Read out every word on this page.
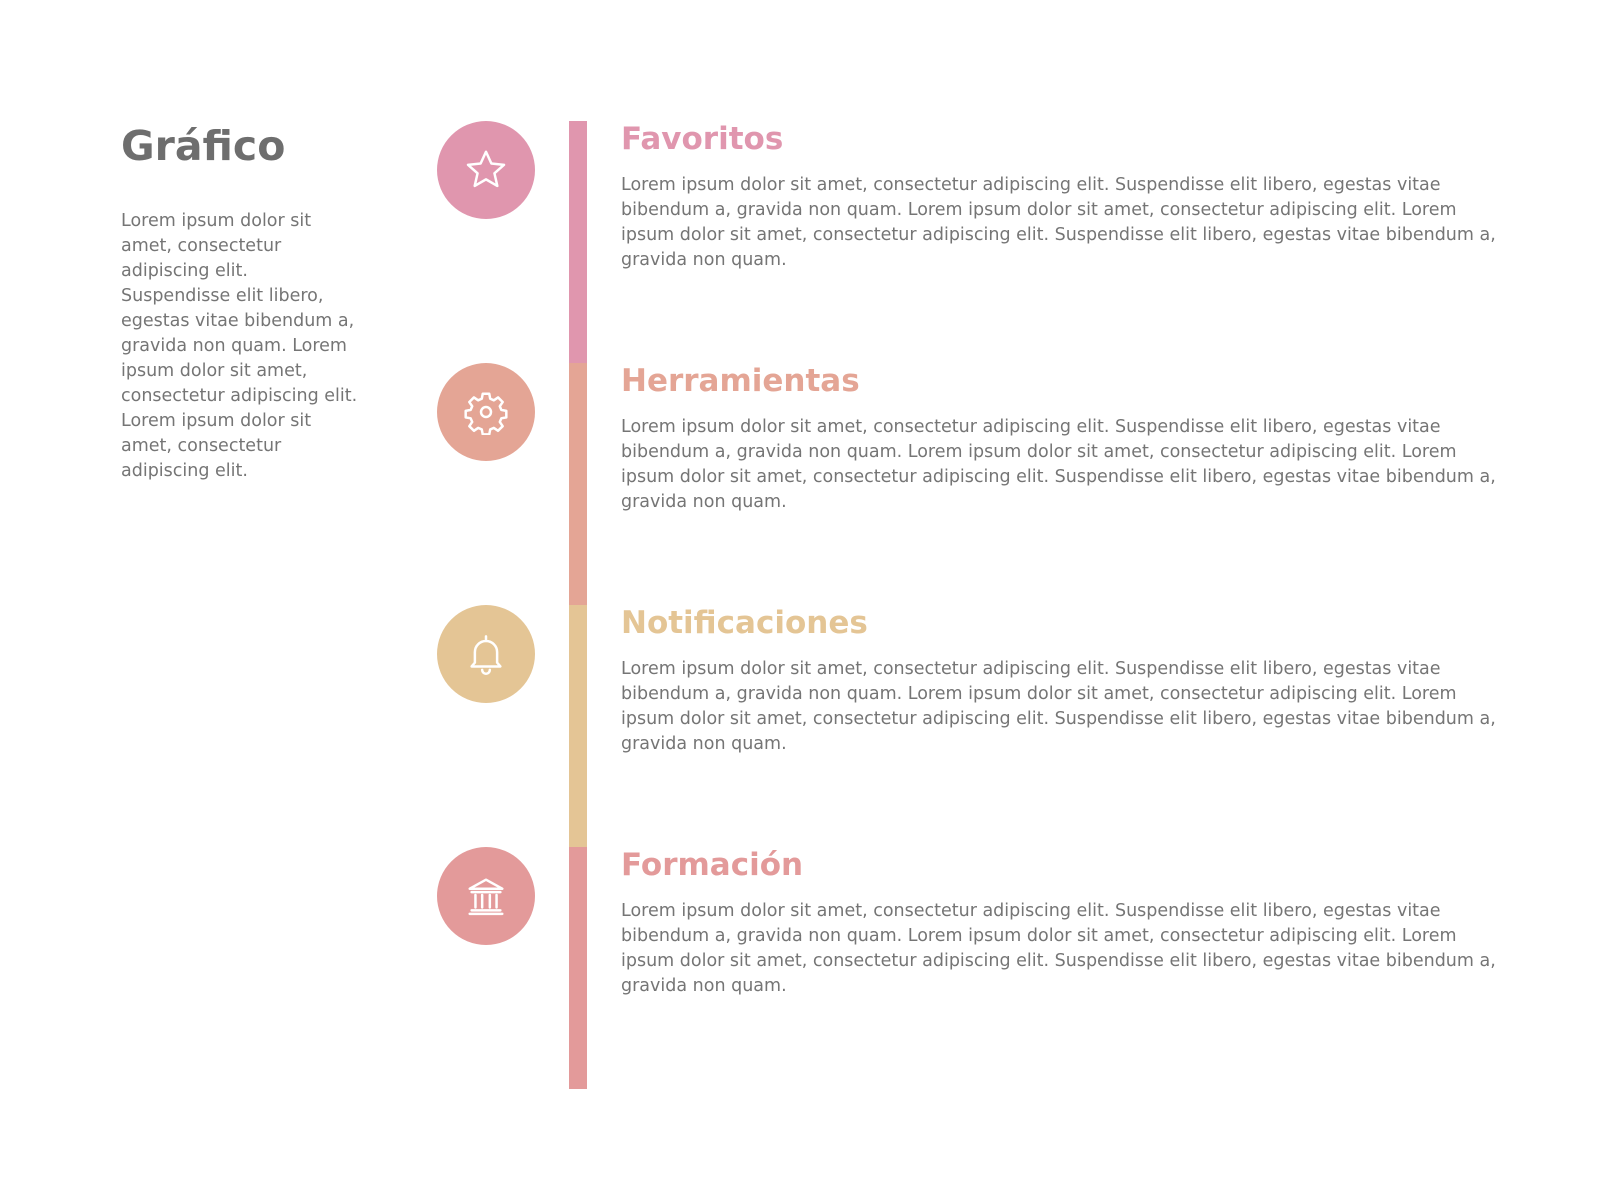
Gráfico

Lorem ipsum dolor sit amet, consectetur adipiscing elit. Suspendisse elit libero, egestas vitae bibendum a, gravida non quam. Lorem ipsum dolor sit amet, consectetur adipiscing elit. Lorem ipsum dolor sit amet, consectetur adipiscing elit.

Favoritos

Lorem ipsum dolor sit amet, consectetur adipiscing elit. Suspendisse elit libero, egestas vitae bibendum a, gravida non quam. Lorem ipsum dolor sit amet, consectetur adipiscing elit. Lorem ipsum dolor sit amet, consectetur adipiscing elit. Suspendisse elit libero, egestas vitae bibendum a, gravida non quam.

Herramientas

Lorem ipsum dolor sit amet, consectetur adipiscing elit. Suspendisse elit libero, egestas vitae bibendum a, gravida non quam. Lorem ipsum dolor sit amet, consectetur adipiscing elit. Lorem ipsum dolor sit amet, consectetur adipiscing elit. Suspendisse elit libero, egestas vitae bibendum a, gravida non quam.

Notificaciones

Lorem ipsum dolor sit amet, consectetur adipiscing elit. Suspendisse elit libero, egestas vitae bibendum a, gravida non quam. Lorem ipsum dolor sit amet, consectetur adipiscing elit. Lorem ipsum dolor sit amet, consectetur adipiscing elit. Suspendisse elit libero, egestas vitae bibendum a, gravida non quam.

Formación

Lorem ipsum dolor sit amet, consectetur adipiscing elit. Suspendisse elit libero, egestas vitae bibendum a, gravida non quam. Lorem ipsum dolor sit amet, consectetur adipiscing elit. Lorem ipsum dolor sit amet, consectetur adipiscing elit. Suspendisse elit libero, egestas vitae bibendum a, gravida non quam.
